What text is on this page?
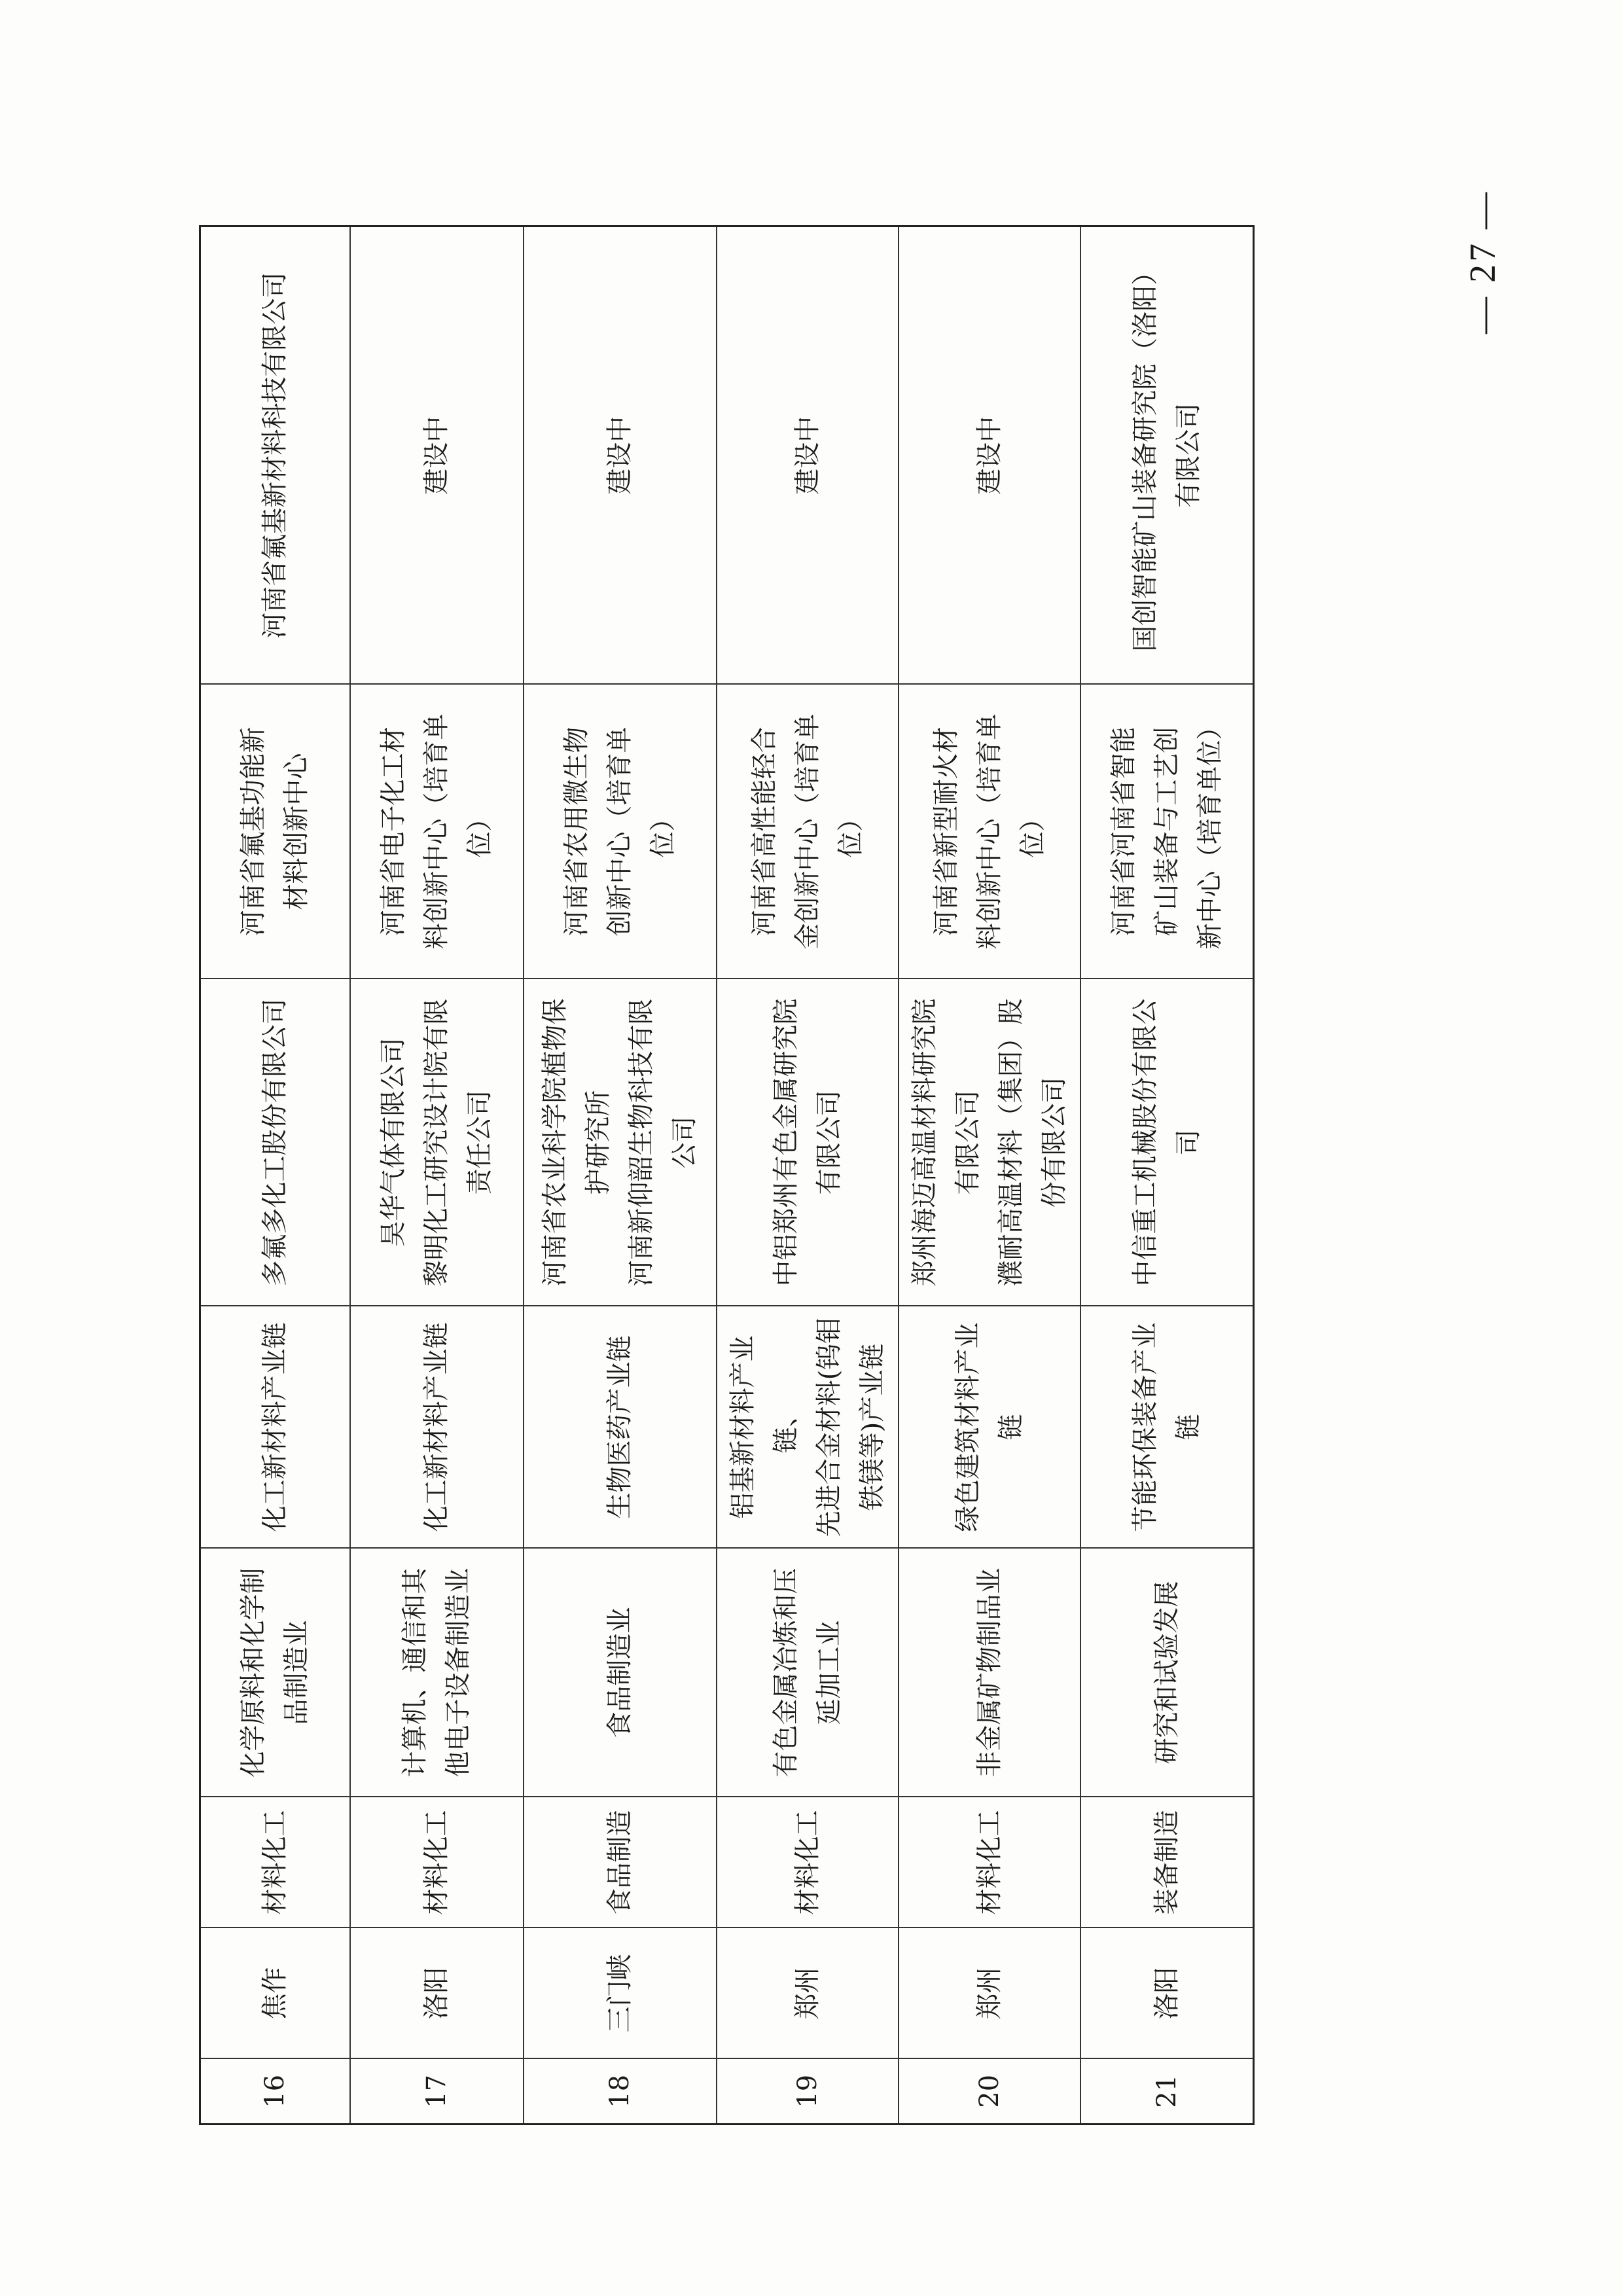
16	焦作	材料化工	化学原料和化学制 品制造业	化工新材料产业链	多氟多化工股份有限公司	河南省氟基功能新 材料创新中心	河南省氟基新材料科技有限公司

17	洛阳	材料化工	计算机、通信和其 他电子设备制造业	化工新材料产业链	昊华气体有限公司 黎明化工研究设计院有限 责任公司	河南省电子化工材 料创新中心（培育单 位）	建设中

18	三门峡	食品制造	食品制造业	生物医药产业链	河南省农业科学院植物保 护研究所 河南新仰韶生物科技有限 公司	河南省农用微生物 创新中心（培育单 位）	建设中

19	郑州	材料化工	有色金属冶炼和压 延加工业	铝基新材料产业链、 先进合金材料(钨钼 铁镁等)产业链	中铝郑州有色金属研究院 有限公司	河南省高性能轻合 金创新中心（培育单 位）	建设中

20	郑州	材料化工	非金属矿物制品业	绿色建筑材料产业 链	郑州海迈高温材料研究院 有限公司 濮耐高温材料（集团）股 份有限公司	河南省新型耐火材 料创新中心（培育单 位）	建设中

21	洛阳	装备制造	研究和试验发展	节能环保装备产业 链	中信重工机械股份有限公 司	河南省河南省智能 矿山装备与工艺创 新中心（培育单位）	国创智能矿山装备研究院（洛阳） 有限公司
— 27 —
